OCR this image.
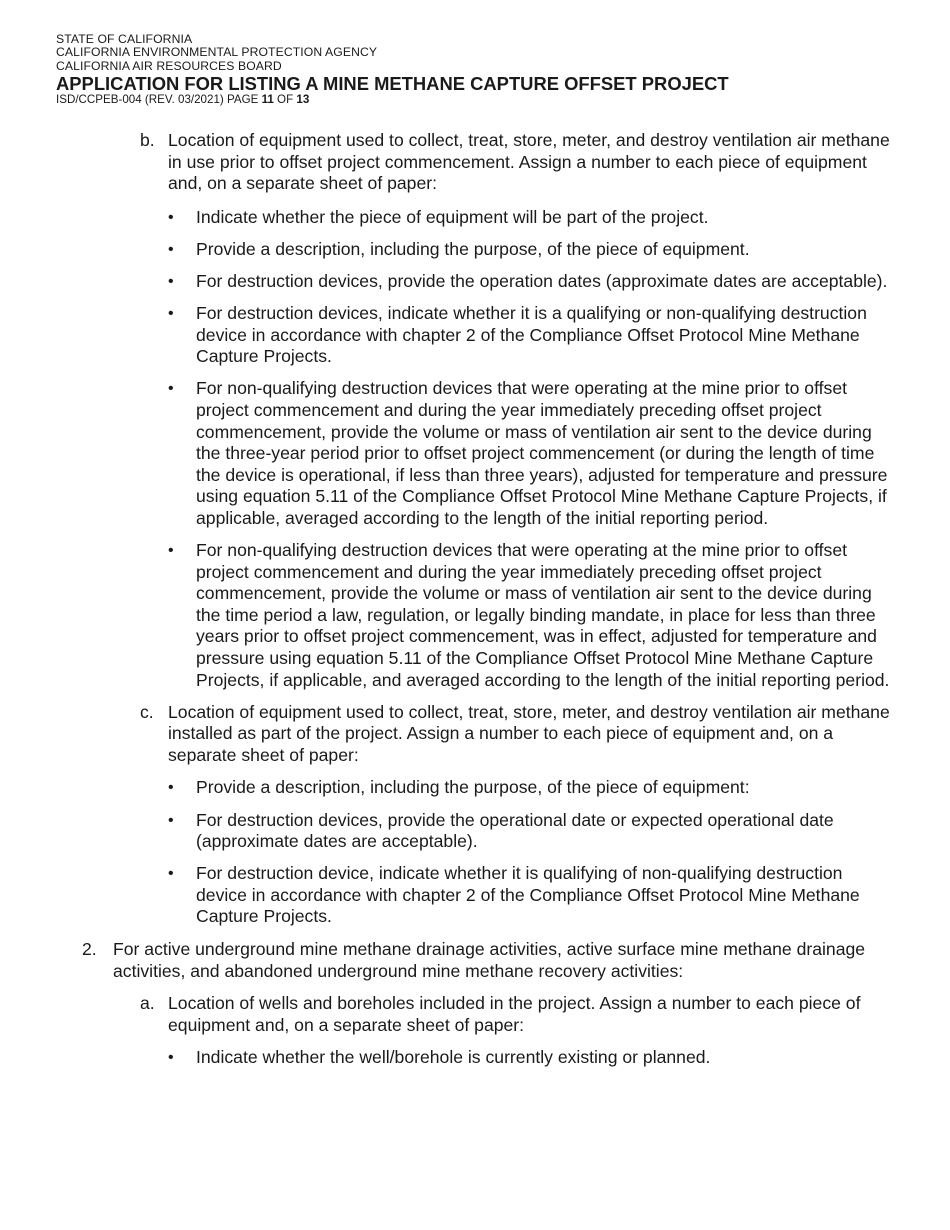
STATE OF CALIFORNIA
CALIFORNIA ENVIRONMENTAL PROTECTION AGENCY
CALIFORNIA AIR RESOURCES BOARD
APPLICATION FOR LISTING A MINE METHANE CAPTURE OFFSET PROJECT
ISD/CCPEB-004 (REV. 03/2021) PAGE 11 OF 13
b. Location of equipment used to collect, treat, store, meter, and destroy ventilation air methane in use prior to offset project commencement. Assign a number to each piece of equipment and, on a separate sheet of paper:
• Indicate whether the piece of equipment will be part of the project.
• Provide a description, including the purpose, of the piece of equipment.
• For destruction devices, provide the operation dates (approximate dates are acceptable).
• For destruction devices, indicate whether it is a qualifying or non-qualifying destruction device in accordance with chapter 2 of the Compliance Offset Protocol Mine Methane Capture Projects.
• For non-qualifying destruction devices that were operating at the mine prior to offset project commencement and during the year immediately preceding offset project commencement, provide the volume or mass of ventilation air sent to the device during the three-year period prior to offset project commencement (or during the length of time the device is operational, if less than three years), adjusted for temperature and pressure using equation 5.11 of the Compliance Offset Protocol Mine Methane Capture Projects, if applicable, averaged according to the length of the initial reporting period.
• For non-qualifying destruction devices that were operating at the mine prior to offset project commencement and during the year immediately preceding offset project commencement, provide the volume or mass of ventilation air sent to the device during the time period a law, regulation, or legally binding mandate, in place for less than three years prior to offset project commencement, was in effect, adjusted for temperature and pressure using equation 5.11 of the Compliance Offset Protocol Mine Methane Capture Projects, if applicable, and averaged according to the length of the initial reporting period.
c. Location of equipment used to collect, treat, store, meter, and destroy ventilation air methane installed as part of the project. Assign a number to each piece of equipment and, on a separate sheet of paper:
• Provide a description, including the purpose, of the piece of equipment:
• For destruction devices, provide the operational date or expected operational date (approximate dates are acceptable).
• For destruction device, indicate whether it is qualifying of non-qualifying destruction device in accordance with chapter 2 of the Compliance Offset Protocol Mine Methane Capture Projects.
2. For active underground mine methane drainage activities, active surface mine methane drainage activities, and abandoned underground mine methane recovery activities:
a. Location of wells and boreholes included in the project. Assign a number to each piece of equipment and, on a separate sheet of paper:
• Indicate whether the well/borehole is currently existing or planned.
